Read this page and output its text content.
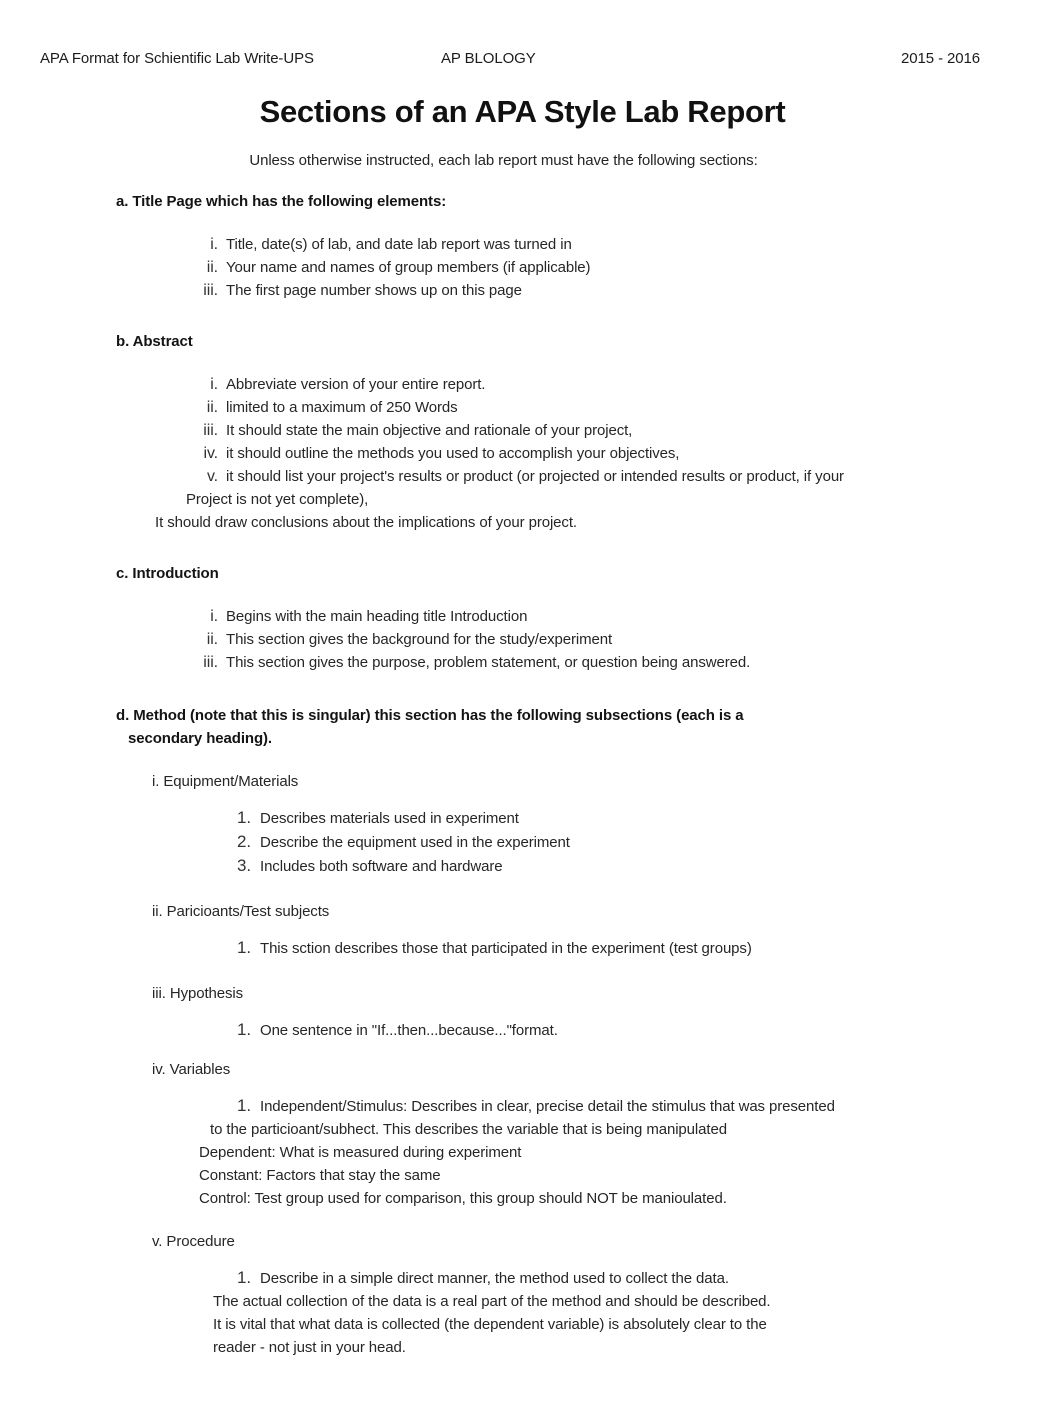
APA Format for Schientific Lab Write-UPS	AP BLOLOGY	2015 - 2016
Sections of an APA Style Lab Report
Unless otherwise instructed, each lab report must have the following sections:
a. Title Page which has the following elements:
i. Title, date(s) of lab, and date lab report was turned in
ii. Your name and names of group members (if applicable)
iii. The first page number shows up on this page
b. Abstract
i. Abbreviate version of your entire report.
ii. limited to a maximum of 250 Words
iii. It should state the main objective and rationale of your project,
iv. it should outline the methods you used to accomplish your objectives,
v. it should list your project's results or product (or projected or intended results or product, if your
Project is not yet complete),
It should draw conclusions about the implications of your project.
c. Introduction
i. Begins with the main heading title Introduction
ii. This section gives the background for the study/experiment
iii. This section gives the purpose, problem statement, or question being answered.
d. Method (note that this is singular) this section has the following subsections (each is a secondary heading).
i. Equipment/Materials
1. Describes materials used in experiment
2. Describe the equipment used in the experiment
3. Includes both software and hardware
ii. Paricioants/Test subjects
1. This sction describes those that participated in the experiment (test groups)
iii. Hypothesis
1. One sentence in "If...then...because..."format.
iv. Variables
1. Independent/Stimulus: Describes in clear, precise detail the stimulus that was presented
to the particioant/subhect. This describes the variable that is being manipulated
Dependent: What is measured during experiment
Constant: Factors that stay the same
Control: Test group used for comparison, this group should NOT be manioulated.
v. Procedure
1. Describe in a simple direct manner, the method used to collect the data.
The actual collection of the data is a real part of the method and should be described.
It is vital that what data is collected (the dependent variable) is absolutely clear to the
reader - not just in your head.
